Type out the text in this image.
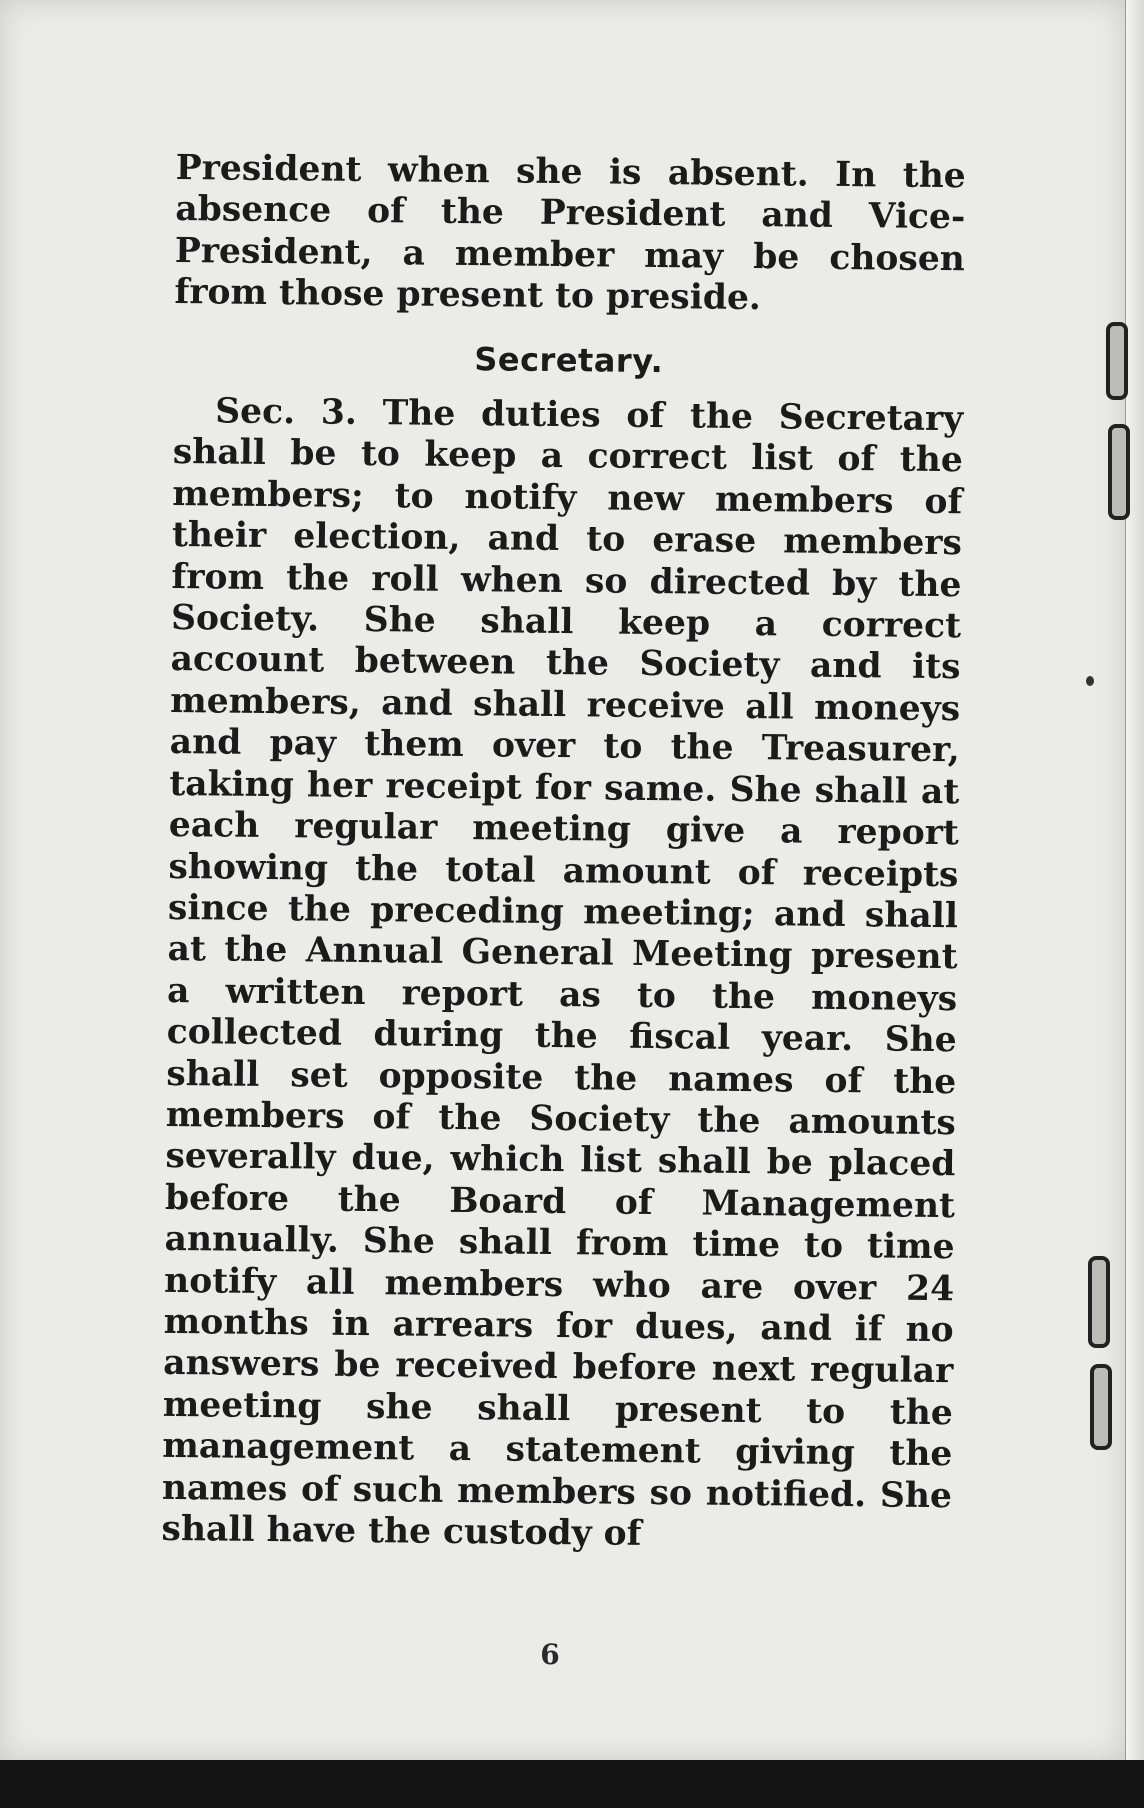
President when she is absent. In the absence of the President and Vice-President, a member may be chosen from those present to preside.

Secretary.

Sec. 3. The duties of the Secretary shall be to keep a correct list of the members; to notify new members of their election, and to erase members from the roll when so directed by the Society. She shall keep a correct account between the Society and its members, and shall receive all moneys and pay them over to the Treasurer, taking her receipt for same. She shall at each regular meeting give a report showing the total amount of receipts since the preceding meeting; and shall at the Annual General Meeting present a written report as to the moneys collected during the fiscal year. She shall set opposite the names of the members of the Society the amounts severally due, which list shall be placed before the Board of Management annually. She shall from time to time notify all members who are over 24 months in arrears for dues, and if no answers be received before next regular meeting she shall present to the management a statement giving the names of such members so notified. She shall have the custody of

6
